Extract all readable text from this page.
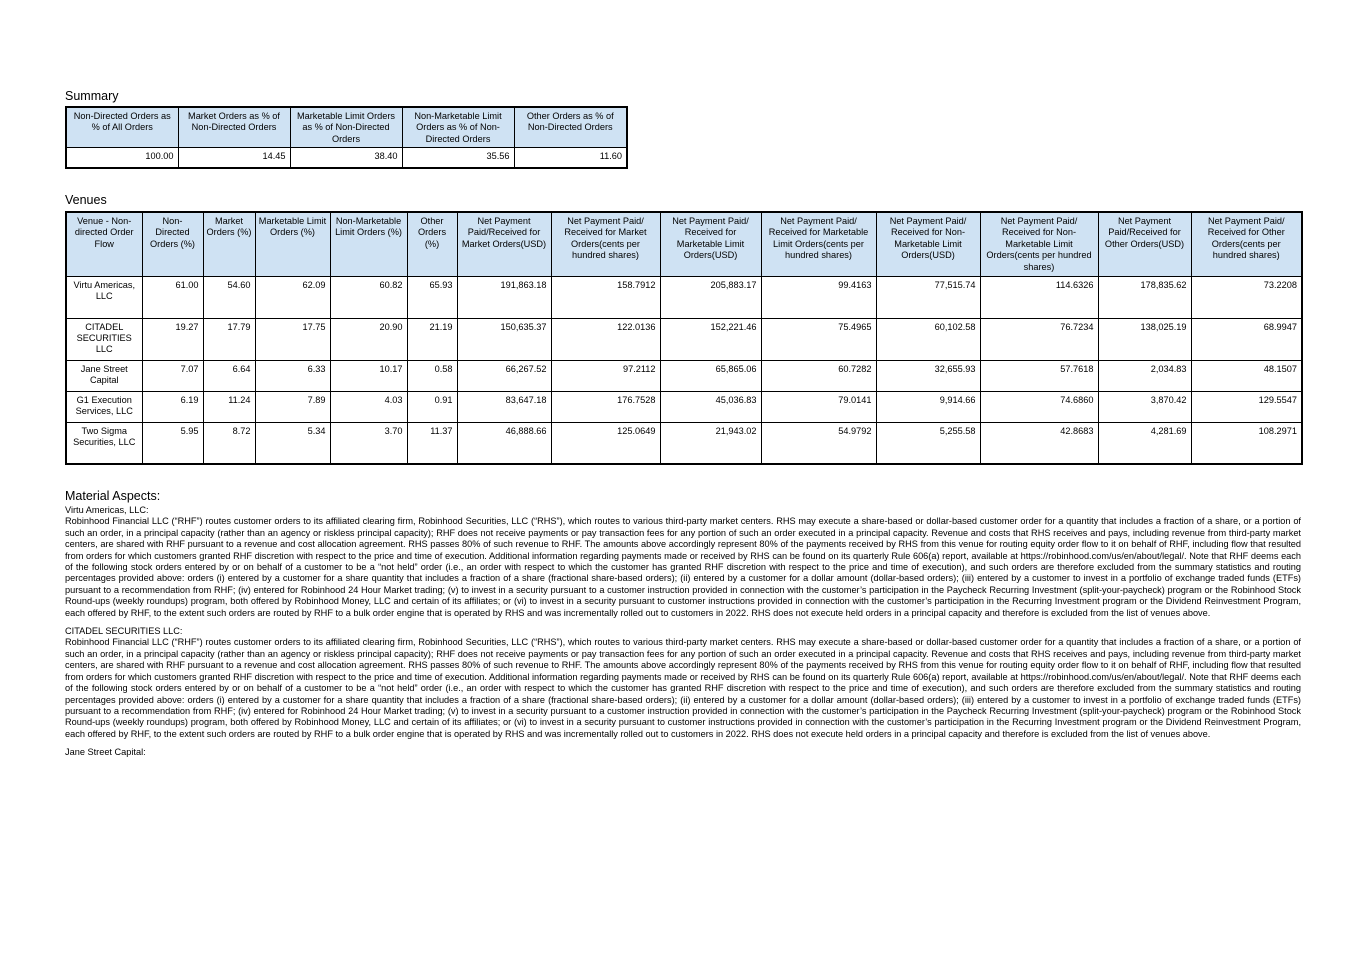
Summary
Non-Directed Orders as % of All Orders	Market Orders as % of Non-Directed Orders	Marketable Limit Orders as % of Non-Directed Orders	Non-Marketable Limit Orders as % of Non-Directed Orders	Other Orders as % of Non-Directed Orders
100.00	14.45	38.40	35.56	11.60
Venues
Venue - Non-directed Order Flow	Non-Directed Orders (%)	Market Orders (%)	Marketable Limit Orders (%)	Non-Marketable Limit Orders (%)	Other Orders (%)	Net Payment Paid/Received for Market Orders(USD)	Net Payment Paid/ Received for Market Orders(cents per hundred shares)	Net Payment Paid/ Received for Marketable Limit Orders(USD)	Net Payment Paid/ Received for Marketable Limit Orders(cents per hundred shares)	Net Payment Paid/ Received for Non-Marketable Limit Orders(USD)	Net Payment Paid/ Received for Non-Marketable Limit Orders(cents per hundred shares)	Net Payment Paid/Received for Other Orders(USD)	Net Payment Paid/ Received for Other Orders(cents per hundred shares)
Virtu Americas, LLC	61.00	54.60	62.09	60.82	65.93	191,863.18	158.7912	205,883.17	99.4163	77,515.74	114.6326	178,835.62	73.2208
CITADEL SECURITIES LLC	19.27	17.79	17.75	20.90	21.19	150,635.37	122.0136	152,221.46	75.4965	60,102.58	76.7234	138,025.19	68.9947
Jane Street Capital	7.07	6.64	6.33	10.17	0.58	66,267.52	97.2112	65,865.06	60.7282	32,655.93	57.7618	2,034.83	48.1507
G1 Execution Services, LLC	6.19	11.24	7.89	4.03	0.91	83,647.18	176.7528	45,036.83	79.0141	9,914.66	74.6860	3,870.42	129.5547
Two Sigma Securities, LLC	5.95	8.72	5.34	3.70	11.37	46,888.66	125.0649	21,943.02	54.9792	5,255.58	42.8683	4,281.69	108.2971
Material Aspects:
Virtu Americas, LLC:
Robinhood Financial LLC (“RHF”) routes customer orders to its affiliated clearing firm, Robinhood Securities, LLC (“RHS”), which routes to various third-party market centers. RHS may execute a share-based or dollar-based customer order for a quantity that includes a fraction of a share, or a portion of such an order, in a principal capacity (rather than an agency or riskless principal capacity); RHF does not receive payments or pay transaction fees for any portion of such an order executed in a principal capacity. Revenue and costs that RHS receives and pays, including revenue from third-party market centers, are shared with RHF pursuant to a revenue and cost allocation agreement. RHS passes 80% of such revenue to RHF. The amounts above accordingly represent 80% of the payments received by RHS from this venue for routing equity order flow to it on behalf of RHF, including flow that resulted from orders for which customers granted RHF discretion with respect to the price and time of execution. Additional information regarding payments made or received by RHS can be found on its quarterly Rule 606(a) report, available at https://robinhood.com/us/en/about/legal/. Note that RHF deems each of the following stock orders entered by or on behalf of a customer to be a “not held” order (i.e., an order with respect to which the customer has granted RHF discretion with respect to the price and time of execution), and such orders are therefore excluded from the summary statistics and routing percentages provided above: orders (i) entered by a customer for a share quantity that includes a fraction of a share (fractional share-based orders); (ii) entered by a customer for a dollar amount (dollar-based orders); (iii) entered by a customer to invest in a portfolio of exchange traded funds (ETFs) pursuant to a recommendation from RHF; (iv) entered for Robinhood 24 Hour Market trading; (v) to invest in a security pursuant to a customer instruction provided in connection with the customer’s participation in the Paycheck Recurring Investment (split-your-paycheck) program or the Robinhood Stock Round-ups (weekly roundups) program, both offered by Robinhood Money, LLC and certain of its affiliates; or (vi) to invest in a security pursuant to customer instructions provided in connection with the customer’s participation in the Recurring Investment program or the Dividend Reinvestment Program, each offered by RHF, to the extent such orders are routed by RHF to a bulk order engine that is operated by RHS and was incrementally rolled out to customers in 2022. RHS does not execute held orders in a principal capacity and therefore is excluded from the list of venues above.
CITADEL SECURITIES LLC:
Robinhood Financial LLC (“RHF”) routes customer orders to its affiliated clearing firm, Robinhood Securities, LLC (“RHS”), which routes to various third-party market centers. RHS may execute a share-based or dollar-based customer order for a quantity that includes a fraction of a share, or a portion of such an order, in a principal capacity (rather than an agency or riskless principal capacity); RHF does not receive payments or pay transaction fees for any portion of such an order executed in a principal capacity. Revenue and costs that RHS receives and pays, including revenue from third-party market centers, are shared with RHF pursuant to a revenue and cost allocation agreement. RHS passes 80% of such revenue to RHF. The amounts above accordingly represent 80% of the payments received by RHS from this venue for routing equity order flow to it on behalf of RHF, including flow that resulted from orders for which customers granted RHF discretion with respect to the price and time of execution. Additional information regarding payments made or received by RHS can be found on its quarterly Rule 606(a) report, available at https://robinhood.com/us/en/about/legal/. Note that RHF deems each of the following stock orders entered by or on behalf of a customer to be a “not held” order (i.e., an order with respect to which the customer has granted RHF discretion with respect to the price and time of execution), and such orders are therefore excluded from the summary statistics and routing percentages provided above: orders (i) entered by a customer for a share quantity that includes a fraction of a share (fractional share-based orders); (ii) entered by a customer for a dollar amount (dollar-based orders); (iii) entered by a customer to invest in a portfolio of exchange traded funds (ETFs) pursuant to a recommendation from RHF; (iv) entered for Robinhood 24 Hour Market trading; (v) to invest in a security pursuant to a customer instruction provided in connection with the customer’s participation in the Paycheck Recurring Investment (split-your-paycheck) program or the Robinhood Stock Round-ups (weekly roundups) program, both offered by Robinhood Money, LLC and certain of its affiliates; or (vi) to invest in a security pursuant to customer instructions provided in connection with the customer’s participation in the Recurring Investment program or the Dividend Reinvestment Program, each offered by RHF, to the extent such orders are routed by RHF to a bulk order engine that is operated by RHS and was incrementally rolled out to customers in 2022. RHS does not execute held orders in a principal capacity and therefore is excluded from the list of venues above.
Jane Street Capital:
